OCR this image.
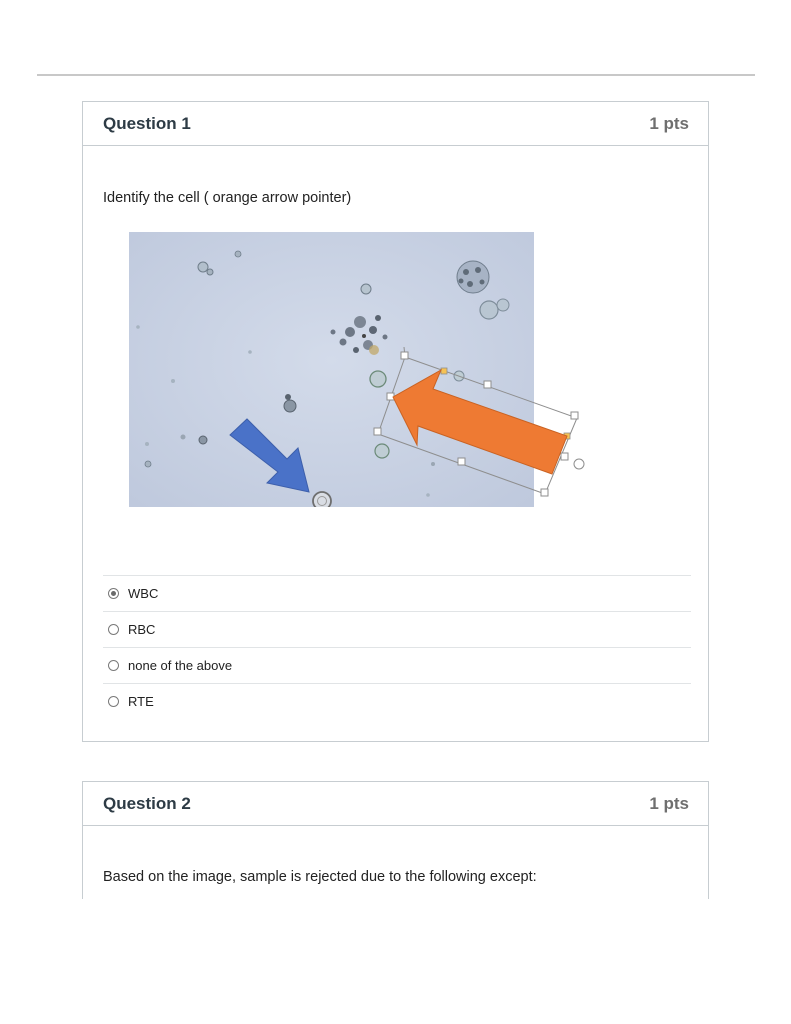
Question 1	1 pts
Identify the cell ( orange arrow pointer)
WBC
RBC
none of the above
RTE
Question 2	1 pts
Based on the image, sample is rejected due to the following except:
